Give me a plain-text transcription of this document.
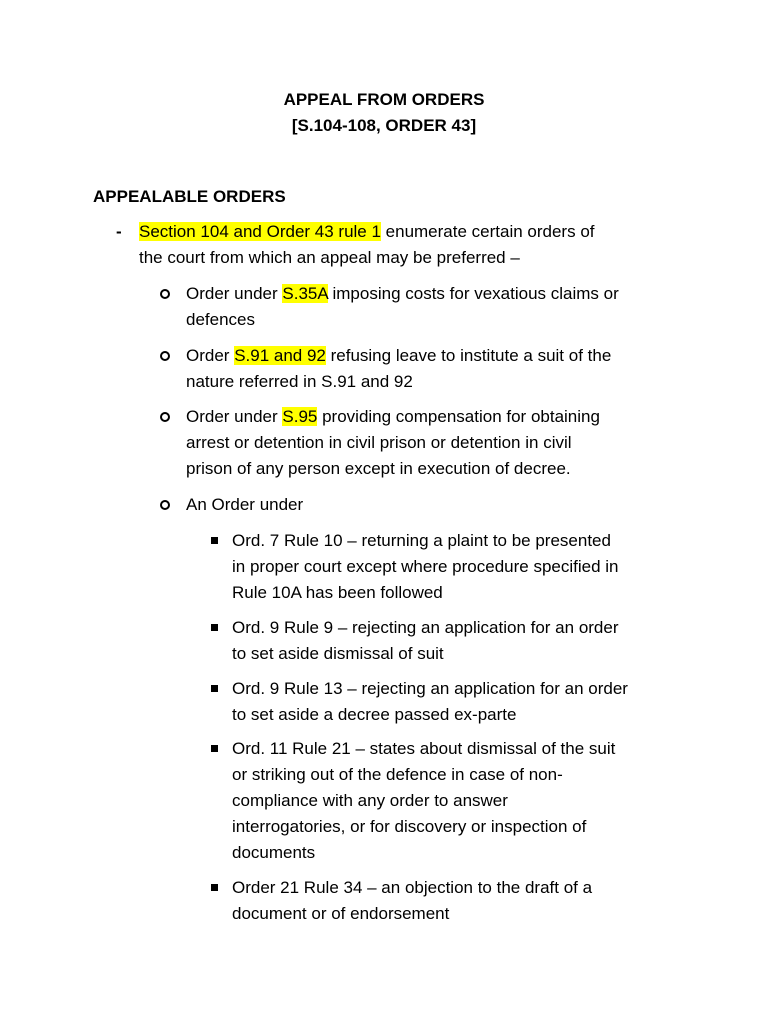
APPEAL FROM ORDERS
[S.104-108, ORDER 43]
APPEALABLE ORDERS
- Section 104 and Order 43 rule 1 enumerate certain orders of
the court from which an appeal may be preferred –
Order under S.35A imposing costs for vexatious claims or
defences
Order S.91 and 92 refusing leave to institute a suit of the
nature referred in S.91 and 92
Order under S.95 providing compensation for obtaining
arrest or detention in civil prison or detention in civil
prison of any person except in execution of decree.
An Order under
Ord. 7 Rule 10 – returning a plaint to be presented
in proper court except where procedure specified in
Rule 10A has been followed
Ord. 9 Rule 9 – rejecting an application for an order
to set aside dismissal of suit
Ord. 9 Rule 13 – rejecting an application for an order
to set aside a decree passed ex-parte
Ord. 11 Rule 21 – states about dismissal of the suit
or striking out of the defence in case of non-
compliance with any order to answer
interrogatories, or for discovery or inspection of
documents
Order 21 Rule 34 – an objection to the draft of a
document or of endorsement
